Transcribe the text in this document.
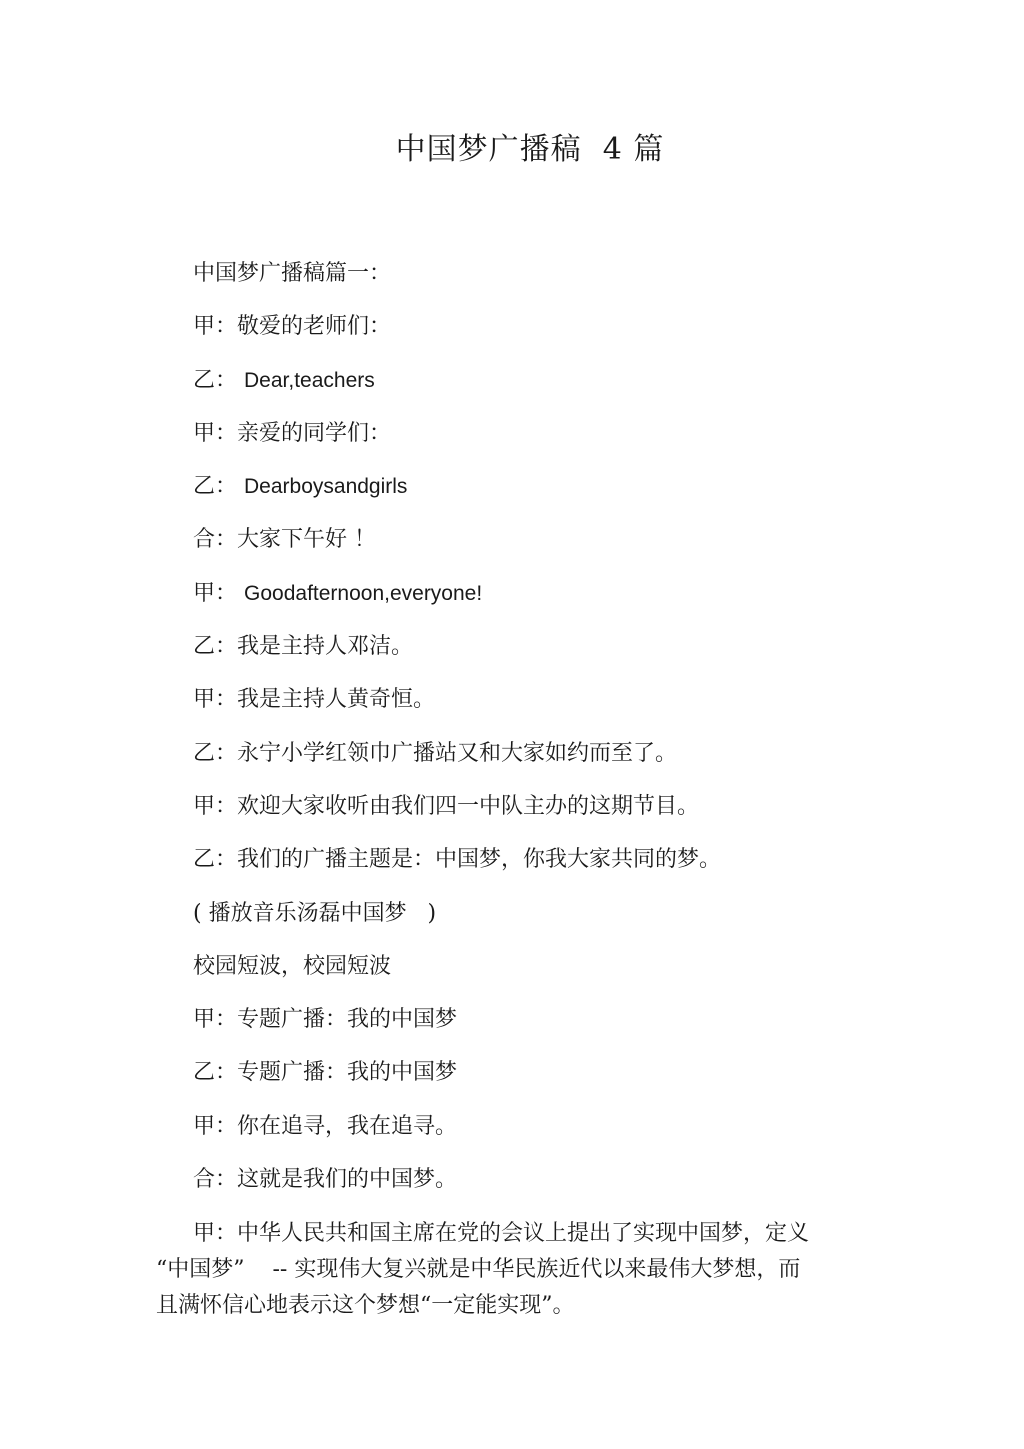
中国梦广播稿  4 篇
中国梦广播稿篇一：
甲：敬爱的老师们：
乙： Dear,teachers
甲：亲爱的同学们：
乙： Dearboysandgirls
合：大家下午好 ！
甲： Goodafternoon,everyone!
乙：我是主持人邓洁。
甲：我是主持人黄奇恒。
乙：永宁小学红领巾广播站又和大家如约而至了。
甲：欢迎大家收听由我们四一中队主办的这期节目。
乙：我们的广播主题是：中国梦，你我大家共同的梦。
( 播放音乐汤磊中国梦   )
校园短波，校园短波
甲：专题广播：我的中国梦
乙：专题广播：我的中国梦
甲：你在追寻，我在追寻。
合：这就是我们的中国梦。

甲：中华人民共和国主席在党的会议上提出了实现中国梦，定义
“中国梦”    -- 实现伟大复兴就是中华民族近代以来最伟大梦想，而
且满怀信心地表示这个梦想“一定能实现”。
